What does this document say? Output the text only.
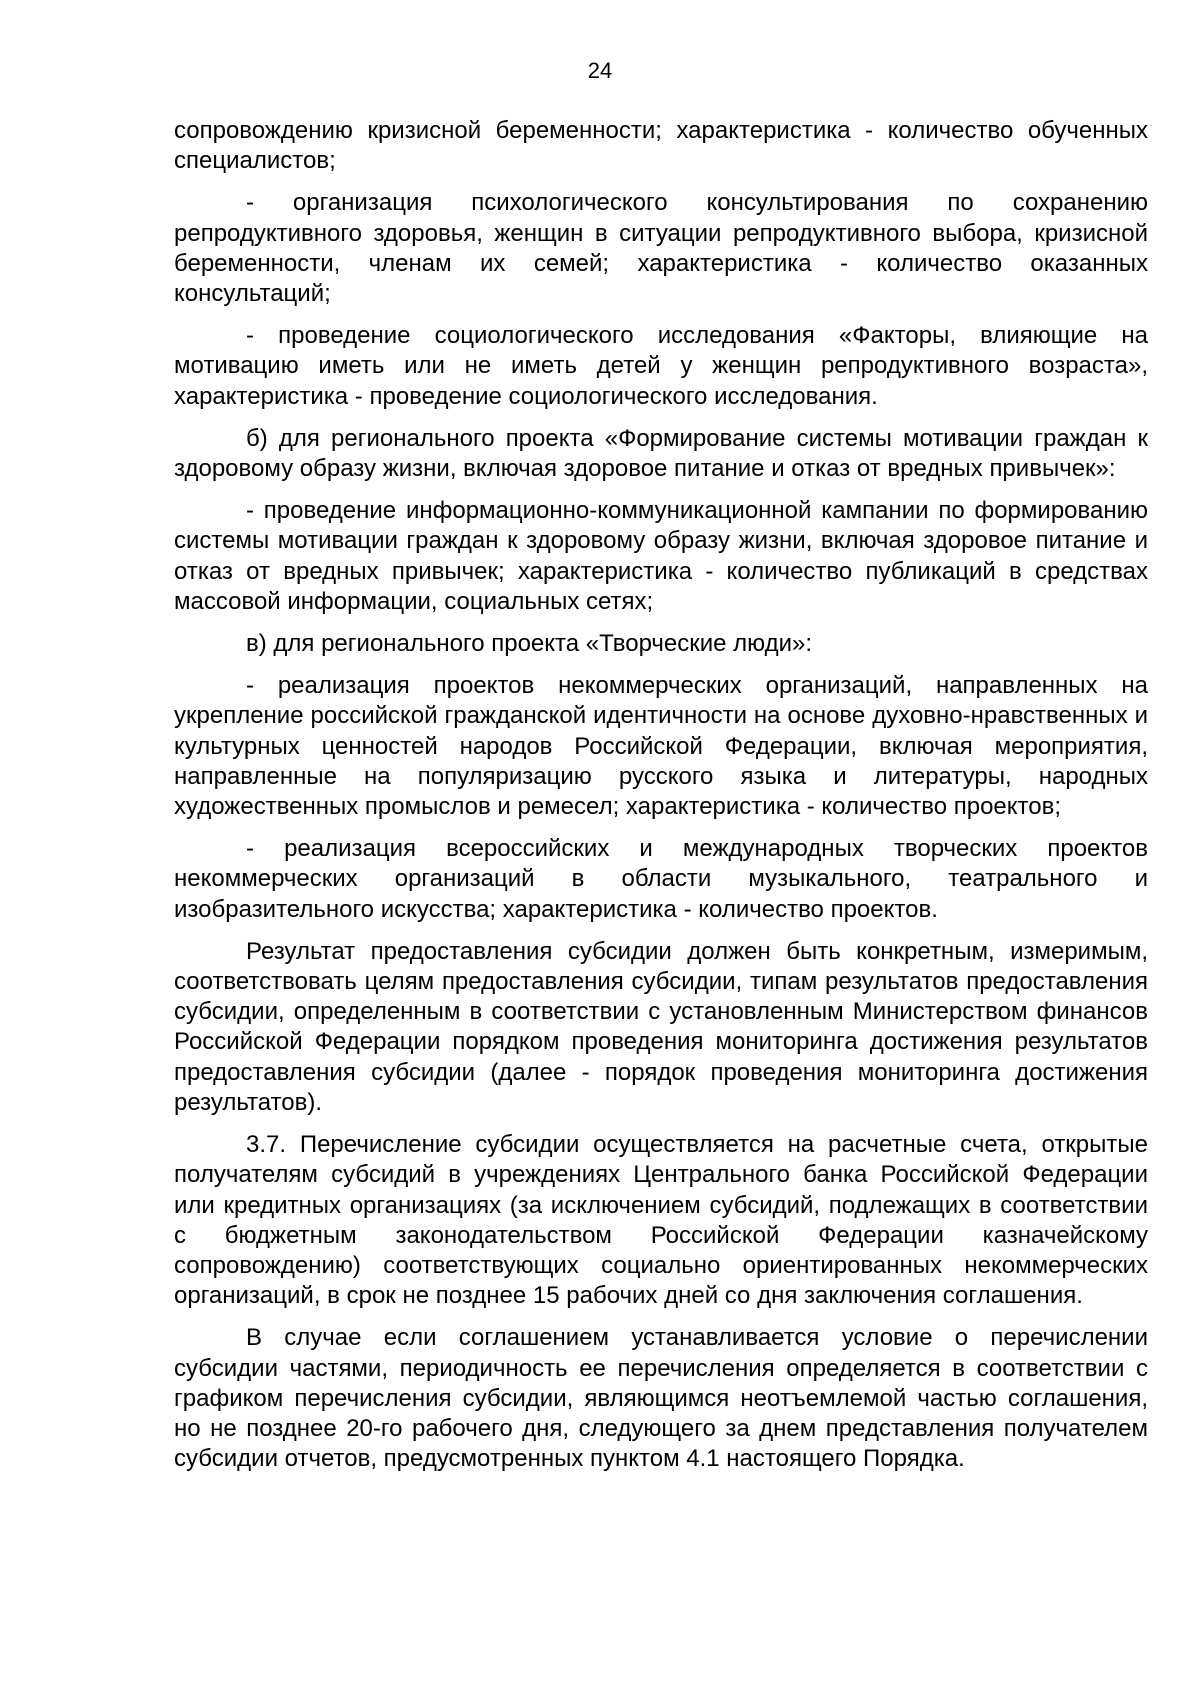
24

сопровождению кризисной беременности; характеристика - количество обученных специалистов;

- организация психологического консультирования по сохранению репродуктивного здоровья, женщин в ситуации репродуктивного выбора, кризисной беременности, членам их семей; характеристика - количество оказанных консультаций;

- проведение социологического исследования «Факторы, влияющие на мотивацию иметь или не иметь детей у женщин репродуктивного возраста», характеристика - проведение социологического исследования.

б) для регионального проекта «Формирование системы мотивации граждан к здоровому образу жизни, включая здоровое питание и отказ от вредных привычек»:

- проведение информационно-коммуникационной кампании по формированию системы мотивации граждан к здоровому образу жизни, включая здоровое питание и отказ от вредных привычек; характеристика - количество публикаций в средствах массовой информации, социальных сетях;

в) для регионального проекта «Творческие люди»:

- реализация проектов некоммерческих организаций, направленных на укрепление российской гражданской идентичности на основе духовно-нравственных и культурных ценностей народов Российской Федерации, включая мероприятия, направленные на популяризацию русского языка и литературы, народных художественных промыслов и ремесел; характеристика - количество проектов;

- реализация всероссийских и международных творческих проектов некоммерческих организаций в области музыкального, театрального и изобразительного искусства; характеристика - количество проектов.

Результат предоставления субсидии должен быть конкретным, измеримым, соответствовать целям предоставления субсидии, типам результатов предоставления субсидии, определенным в соответствии с установленным Министерством финансов Российской Федерации порядком проведения мониторинга достижения результатов предоставления субсидии (далее - порядок проведения мониторинга достижения результатов).

3.7. Перечисление субсидии осуществляется на расчетные счета, открытые получателям субсидий в учреждениях Центрального банка Российской Федерации или кредитных организациях (за исключением субсидий, подлежащих в соответствии с бюджетным законодательством Российской Федерации казначейскому сопровождению) соответствующих социально ориентированных некоммерческих организаций, в срок не позднее 15 рабочих дней со дня заключения соглашения.

В случае если соглашением устанавливается условие о перечислении субсидии частями, периодичность ее перечисления определяется в соответствии с графиком перечисления субсидии, являющимся неотъемлемой частью соглашения, но не позднее 20-го рабочего дня, следующего за днем представления получателем субсидии отчетов, предусмотренных пунктом 4.1 настоящего Порядка.
